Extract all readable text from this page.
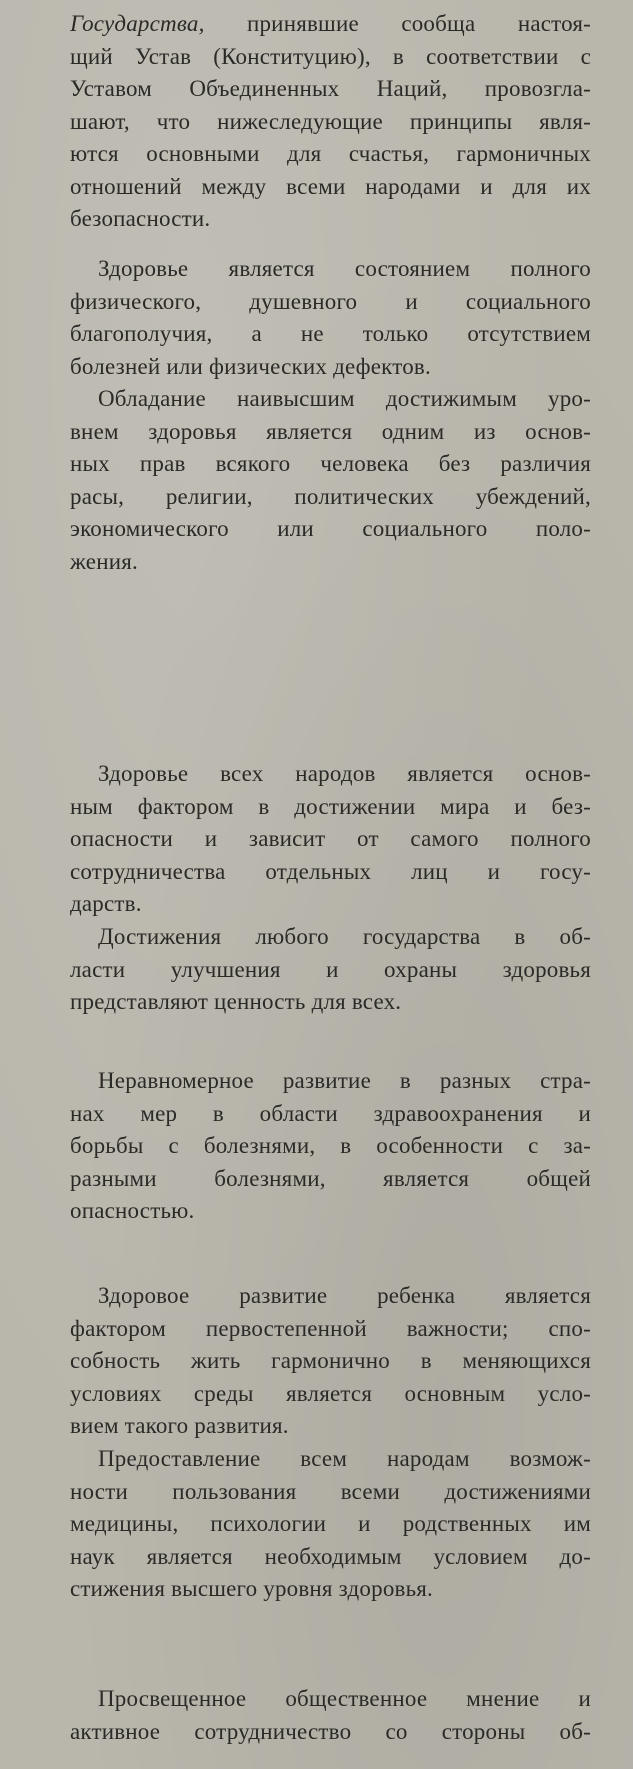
Государства, принявшие сообща настоя-
щий Устав (Конституцию), в соответствии с
Уставом Объединенных Наций, провозгла-
шают, что нижеследующие принципы явля-
ются основными для счастья, гармоничных
отношений между всеми народами и для их
безопасности.
Здоровье является состоянием полного
физического, душевного и социального
благополучия, а не только отсутствием
болезней или физических дефектов.
Обладание наивысшим достижимым уро-
внем здоровья является одним из основ-
ных прав всякого человека без различия
расы, религии, политических убеждений,
экономического или социального поло-
жения.
Здоровье всех народов является основ-
ным фактором в достижении мира и без-
опасности и зависит от самого полного
сотрудничества отдельных лиц и госу-
дарств.
Достижения любого государства в об-
ласти улучшения и охраны здоровья
представляют ценность для всех.
Неравномерное развитие в разных стра-
нах мер в области здравоохранения и
борьбы с болезнями, в особенности с за-
разными болезнями, является общей
опасностью.
Здоровое развитие ребенка является
фактором первостепенной важности; спо-
собность жить гармонично в меняющихся
условиях среды является основным усло-
вием такого развития.
Предоставление всем народам возмож-
ности пользования всеми достижениями
медицины, психологии и родственных им
наук является необходимым условием до-
стижения высшего уровня здоровья.
Просвещенное общественное мнение и
активное сотрудничество со стороны об-
